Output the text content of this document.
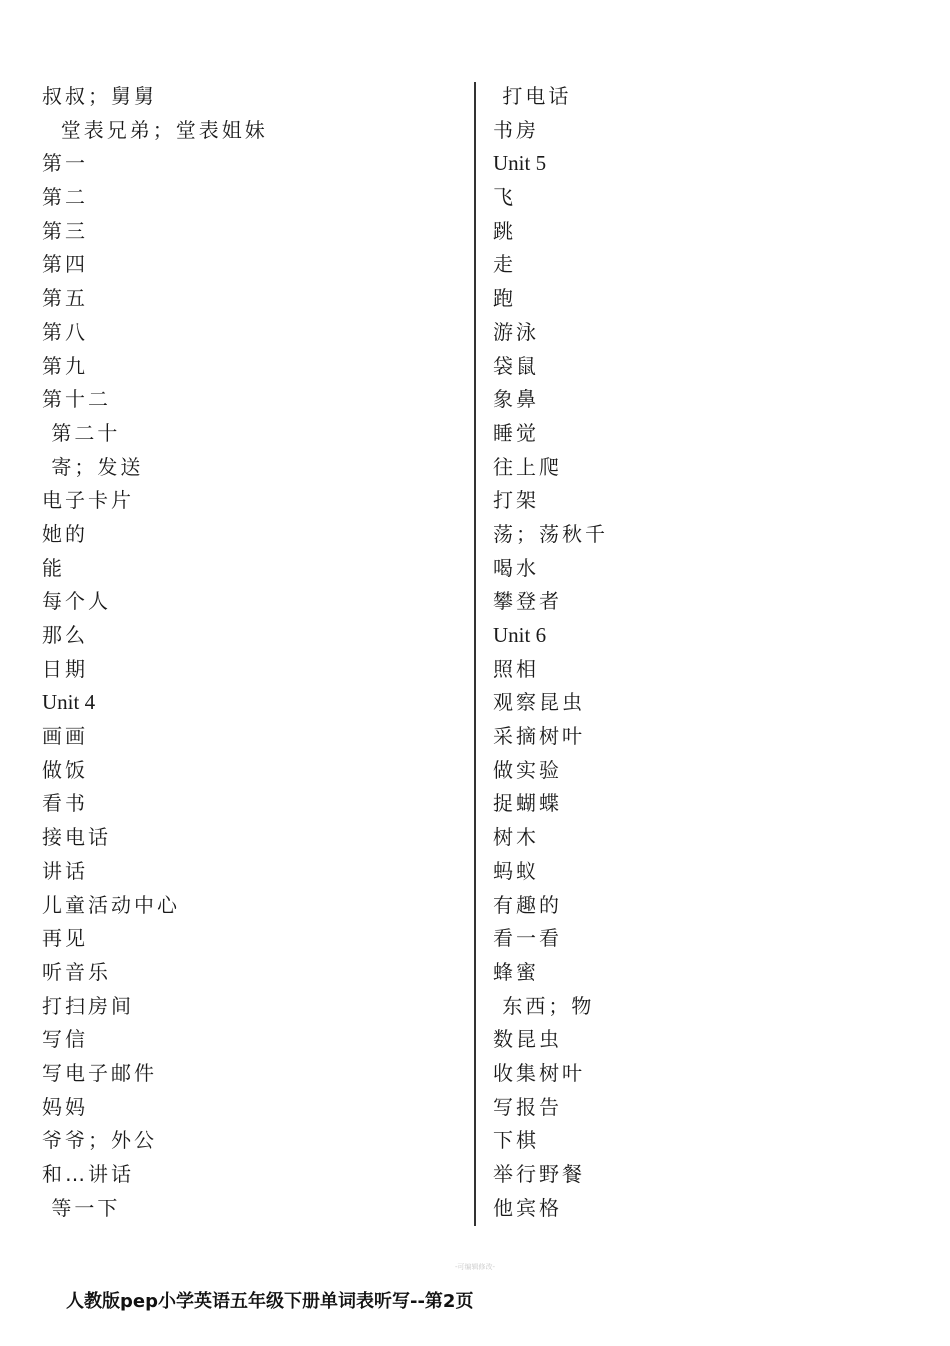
叔叔；舅舅
堂表兄弟；堂表姐妹
第一
第二
第三
第四
第五
第八
第九
第十二
第二十
寄；发送
电子卡片
她的
能
每个人
那么
日期
Unit 4
画画
做饭
看书
接电话
讲话
儿童活动中心
再见
听音乐
打扫房间
写信
写电子邮件
妈妈
爷爷；外公
和…讲话
等一下
打电话
书房
Unit 5
飞
跳
走
跑
游泳
袋鼠
象鼻
睡觉
往上爬
打架
荡；荡秋千
喝水
攀登者
Unit 6
照相
观察昆虫
采摘树叶
做实验
捉蝴蝶
树木
蚂蚁
有趣的
看一看
蜂蜜
东西；物
数昆虫
收集树叶
写报告
下棋
举行野餐
他宾格
-可编辑修改-
人教版pep小学英语五年级下册单词表听写--第2页
